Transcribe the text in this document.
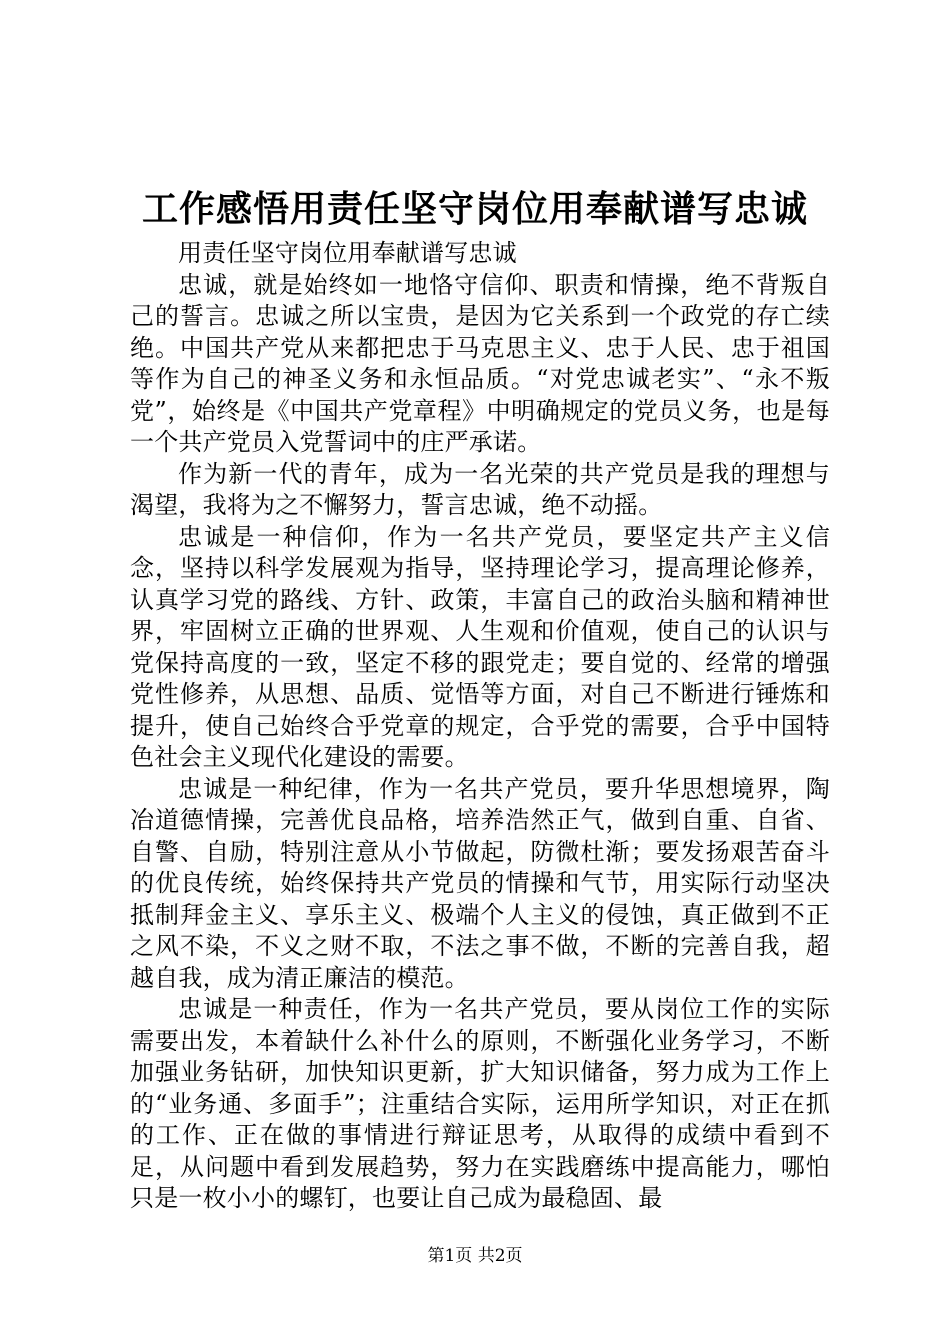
工作感悟用责任坚守岗位用奉献谱写忠诚

用责任坚守岗位用奉献谱写忠诚

忠诚，就是始终如一地恪守信仰、职责和情操，绝不背叛自己的誓言。忠诚之所以宝贵，是因为它关系到一个政党的存亡续绝。中国共产党从来都把忠于马克思主义、忠于人民、忠于祖国等作为自己的神圣义务和永恒品质。“对党忠诚老实”、“永不叛党”，始终是《中国共产党章程》中明确规定的党员义务，也是每一个共产党员入党誓词中的庄严承诺。

作为新一代的青年，成为一名光荣的共产党员是我的理想与渴望，我将为之不懈努力，誓言忠诚，绝不动摇。

忠诚是一种信仰，作为一名共产党员，要坚定共产主义信念，坚持以科学发展观为指导，坚持理论学习，提高理论修养，认真学习党的路线、方针、政策，丰富自己的政治头脑和精神世界，牢固树立正确的世界观、人生观和价值观，使自己的认识与党保持高度的一致，坚定不移的跟党走；要自觉的、经常的增强党性修养，从思想、品质、觉悟等方面，对自己不断进行锤炼和提升，使自己始终合乎党章的规定，合乎党的需要，合乎中国特色社会主义现代化建设的需要。

忠诚是一种纪律，作为一名共产党员，要升华思想境界，陶冶道德情操，完善优良品格，培养浩然正气，做到自重、自省、自警、自励，特别注意从小节做起，防微杜渐；要发扬艰苦奋斗的优良传统，始终保持共产党员的情操和气节，用实际行动坚决抵制拜金主义、享乐主义、极端个人主义的侵蚀，真正做到不正之风不染，不义之财不取，不法之事不做，不断的完善自我，超越自我，成为清正廉洁的模范。

忠诚是一种责任，作为一名共产党员，要从岗位工作的实际需要出发，本着缺什么补什么的原则，不断强化业务学习，不断加强业务钻研，加快知识更新，扩大知识储备，努力成为工作上的“业务通、多面手”；注重结合实际，运用所学知识，对正在抓的工作、正在做的事情进行辩证思考，从取得的成绩中看到不足，从问题中看到发展趋势，努力在实践磨练中提高能力，哪怕只是一枚小小的螺钉，也要让自己成为最稳固、最

第1页 共2页
